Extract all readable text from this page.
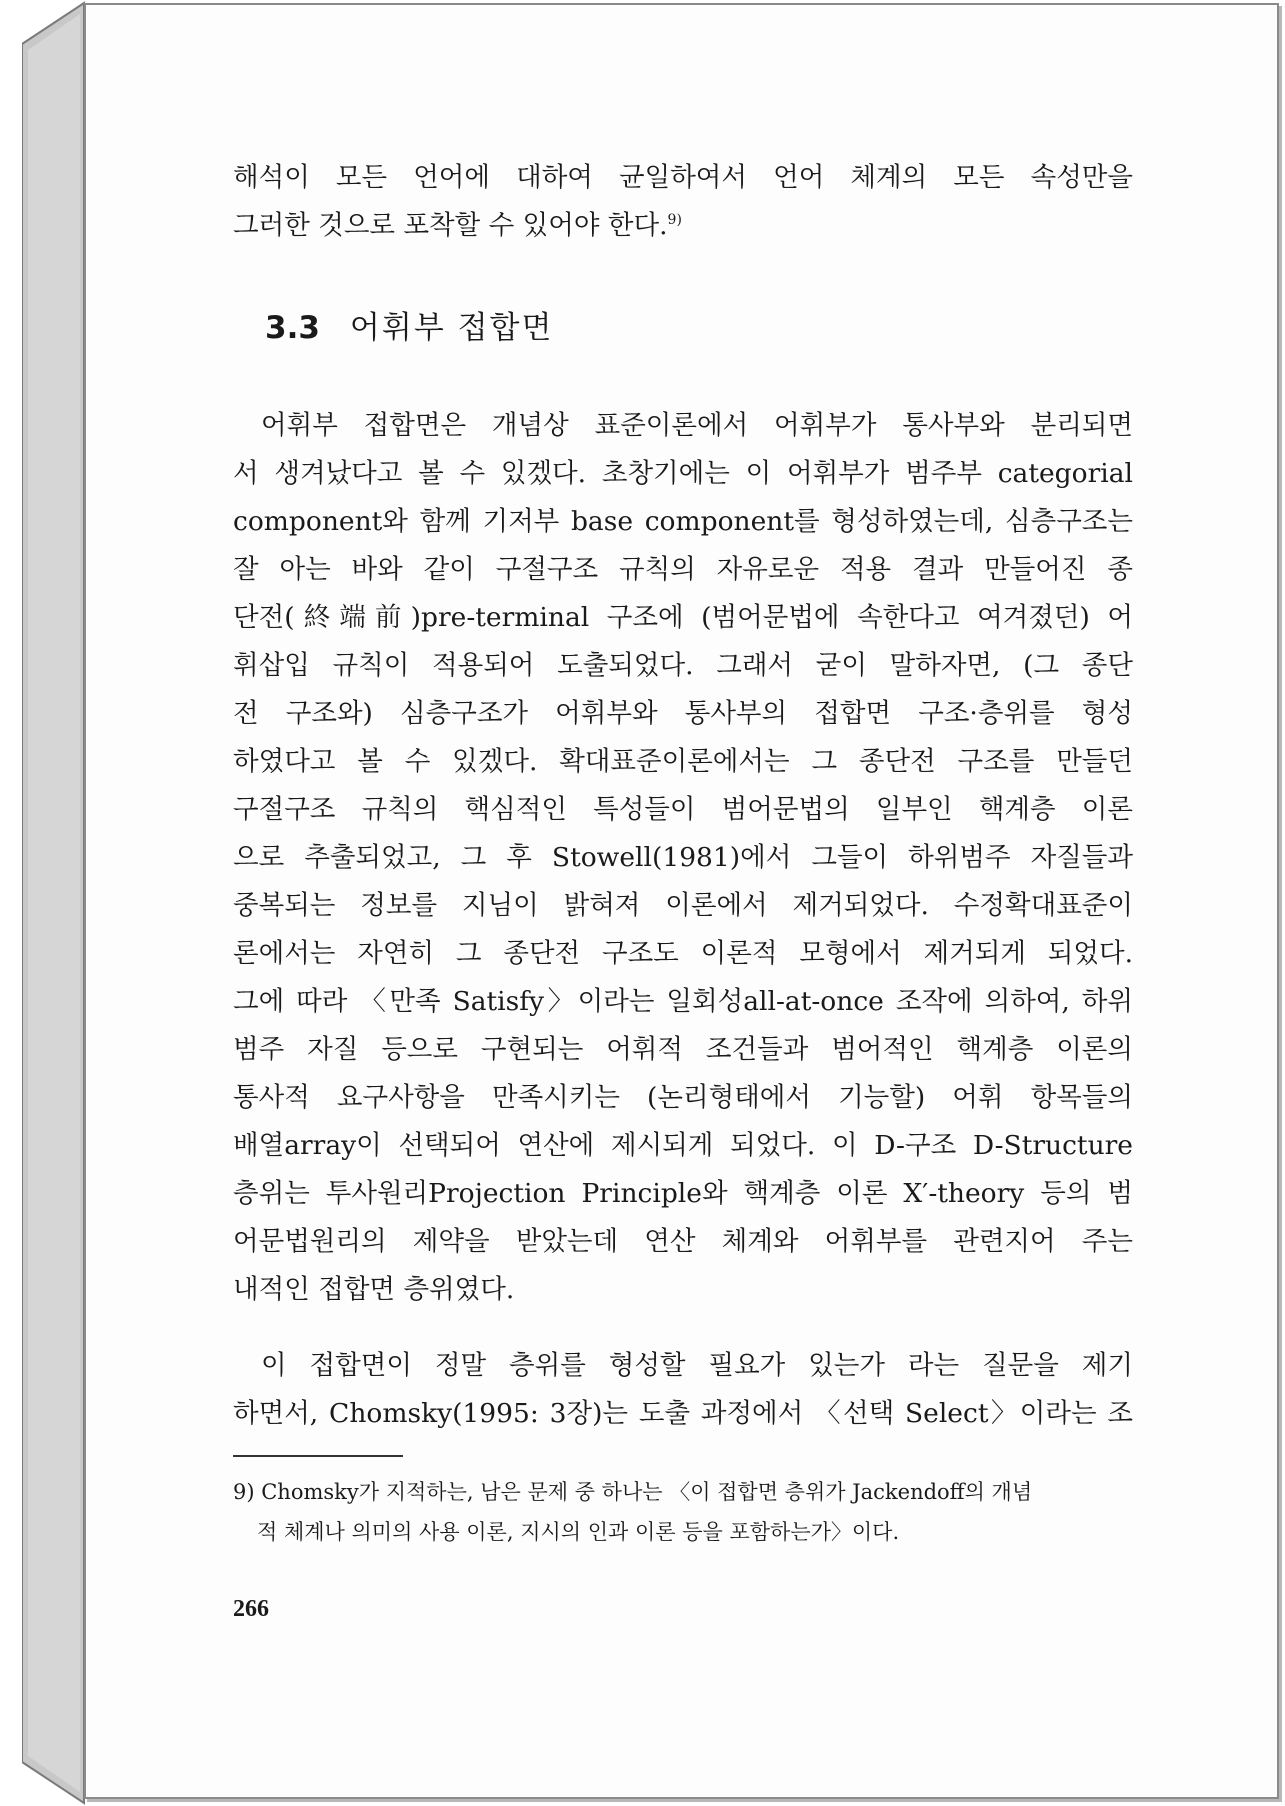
해석이 모든 언어에 대하여 균일하여서 언어 체계의 모든 속성만을
그러한 것으로 포착할 수 있어야 한다.$^{9)}$
3.3 어휘부 접합면
어휘부 접합면은 개념상 표준이론에서 어휘부가 통사부와 분리되면
서 생겨났다고 볼 수 있겠다. 초창기에는 이 어휘부가 범주부 categorial
component와 함께 기저부 base component를 형성하였는데, 심층구조는
잘 아는 바와 같이 구절구조 규칙의 자유로운 적용 결과 만들어진 종
단전(終端前)pre-terminal 구조에 (범어문법에 속한다고 여겨졌던) 어
휘삽입 규칙이 적용되어 도출되었다. 그래서 굳이 말하자면, (그 종단
전 구조와) 심층구조가 어휘부와 통사부의 접합면 구조·층위를 형성
하였다고 볼 수 있겠다. 확대표준이론에서는 그 종단전 구조를 만들던
구절구조 규칙의 핵심적인 특성들이 범어문법의 일부인 핵계층 이론
으로 추출되었고, 그 후 Stowell(1981)에서 그들이 하위범주 자질들과
중복되는 정보를 지님이 밝혀져 이론에서 제거되었다. 수정확대표준이
론에서는 자연히 그 종단전 구조도 이론적 모형에서 제거되게 되었다.
그에 따라 〈만족 Satisfy〉이라는 일회성all-at-once 조작에 의하여, 하위
범주 자질 등으로 구현되는 어휘적 조건들과 범어적인 핵계층 이론의
통사적 요구사항을 만족시키는 (논리형태에서 기능할) 어휘 항목들의
배열array이 선택되어 연산에 제시되게 되었다. 이 D-구조 D-Structure
층위는 투사원리Projection Principle와 핵계층 이론 X′-theory 등의 범
어문법원리의 제약을 받았는데 연산 체계와 어휘부를 관련지어 주는
내적인 접합면 층위였다.
이 접합면이 정말 층위를 형성할 필요가 있는가 라는 질문을 제기
하면서, Chomsky(1995: 3장)는 도출 과정에서 〈선택 Select〉이라는 조
9) Chomsky가 지적하는, 남은 문제 중 하나는 〈이 접합면 층위가 Jackendoff의 개념
적 체계나 의미의 사용 이론, 지시의 인과 이론 등을 포함하는가〉이다.
266
